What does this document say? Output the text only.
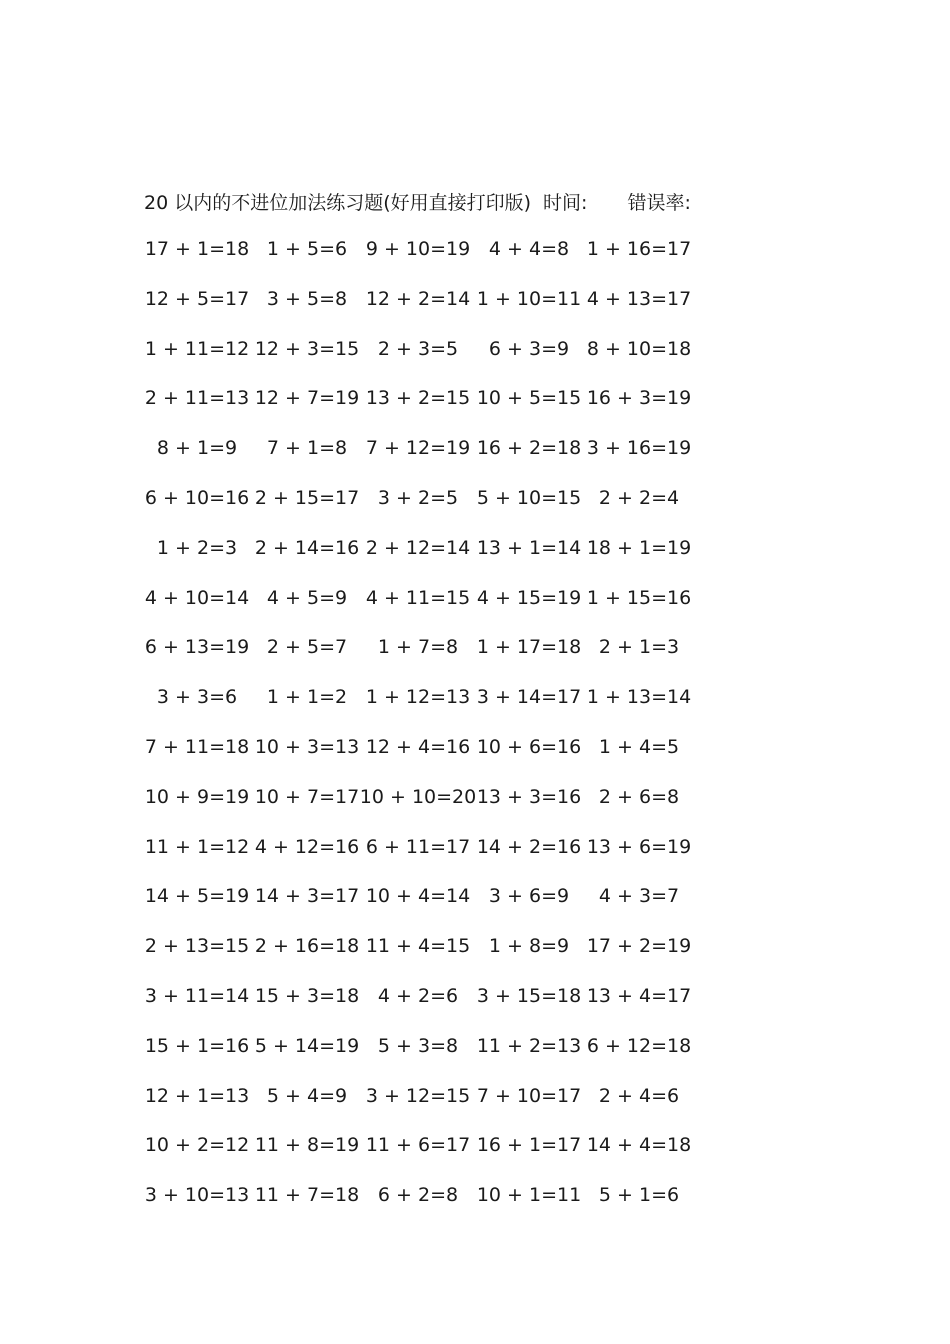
20 以内的不进位加法练习题(好用直接打印版) 时间: 错误率:
17 + 1=18 1 + 5=6 9 + 10=19 4 + 4=8 1 + 16=17
12 + 5=17 3 + 5=8 12 + 2=14 1 + 10=11 4 + 13=17
1 + 11=12 12 + 3=15 2 + 3=5 6 + 3=9 8 + 10=18
2 + 11=13 12 + 7=19 13 + 2=15 10 + 5=15 16 + 3=19
8 + 1=9 7 + 1=8 7 + 12=19 16 + 2=18 3 + 16=19
6 + 10=16 2 + 15=17 3 + 2=5 5 + 10=15 2 + 2=4
1 + 2=3 2 + 14=16 2 + 12=14 13 + 1=14 18 + 1=19
4 + 10=14 4 + 5=9 4 + 11=15 4 + 15=19 1 + 15=16
6 + 13=19 2 + 5=7 1 + 7=8 1 + 17=18 2 + 1=3
3 + 3=6 1 + 1=2 1 + 12=13 3 + 14=17 1 + 13=14
7 + 11=18 10 + 3=13 12 + 4=16 10 + 6=16 1 + 4=5
10 + 9=19 10 + 7=17 10 + 10=20 13 + 3=16 2 + 6=8
11 + 1=12 4 + 12=16 6 + 11=17 14 + 2=16 13 + 6=19
14 + 5=19 14 + 3=17 10 + 4=14 3 + 6=9 4 + 3=7
2 + 13=15 2 + 16=18 11 + 4=15 1 + 8=9 17 + 2=19
3 + 11=14 15 + 3=18 4 + 2=6 3 + 15=18 13 + 4=17
15 + 1=16 5 + 14=19 5 + 3=8 11 + 2=13 6 + 12=18
12 + 1=13 5 + 4=9 3 + 12=15 7 + 10=17 2 + 4=6
10 + 2=12 11 + 8=19 11 + 6=17 16 + 1=17 14 + 4=18
3 + 10=13 11 + 7=18 6 + 2=8 10 + 1=11 5 + 1=6
